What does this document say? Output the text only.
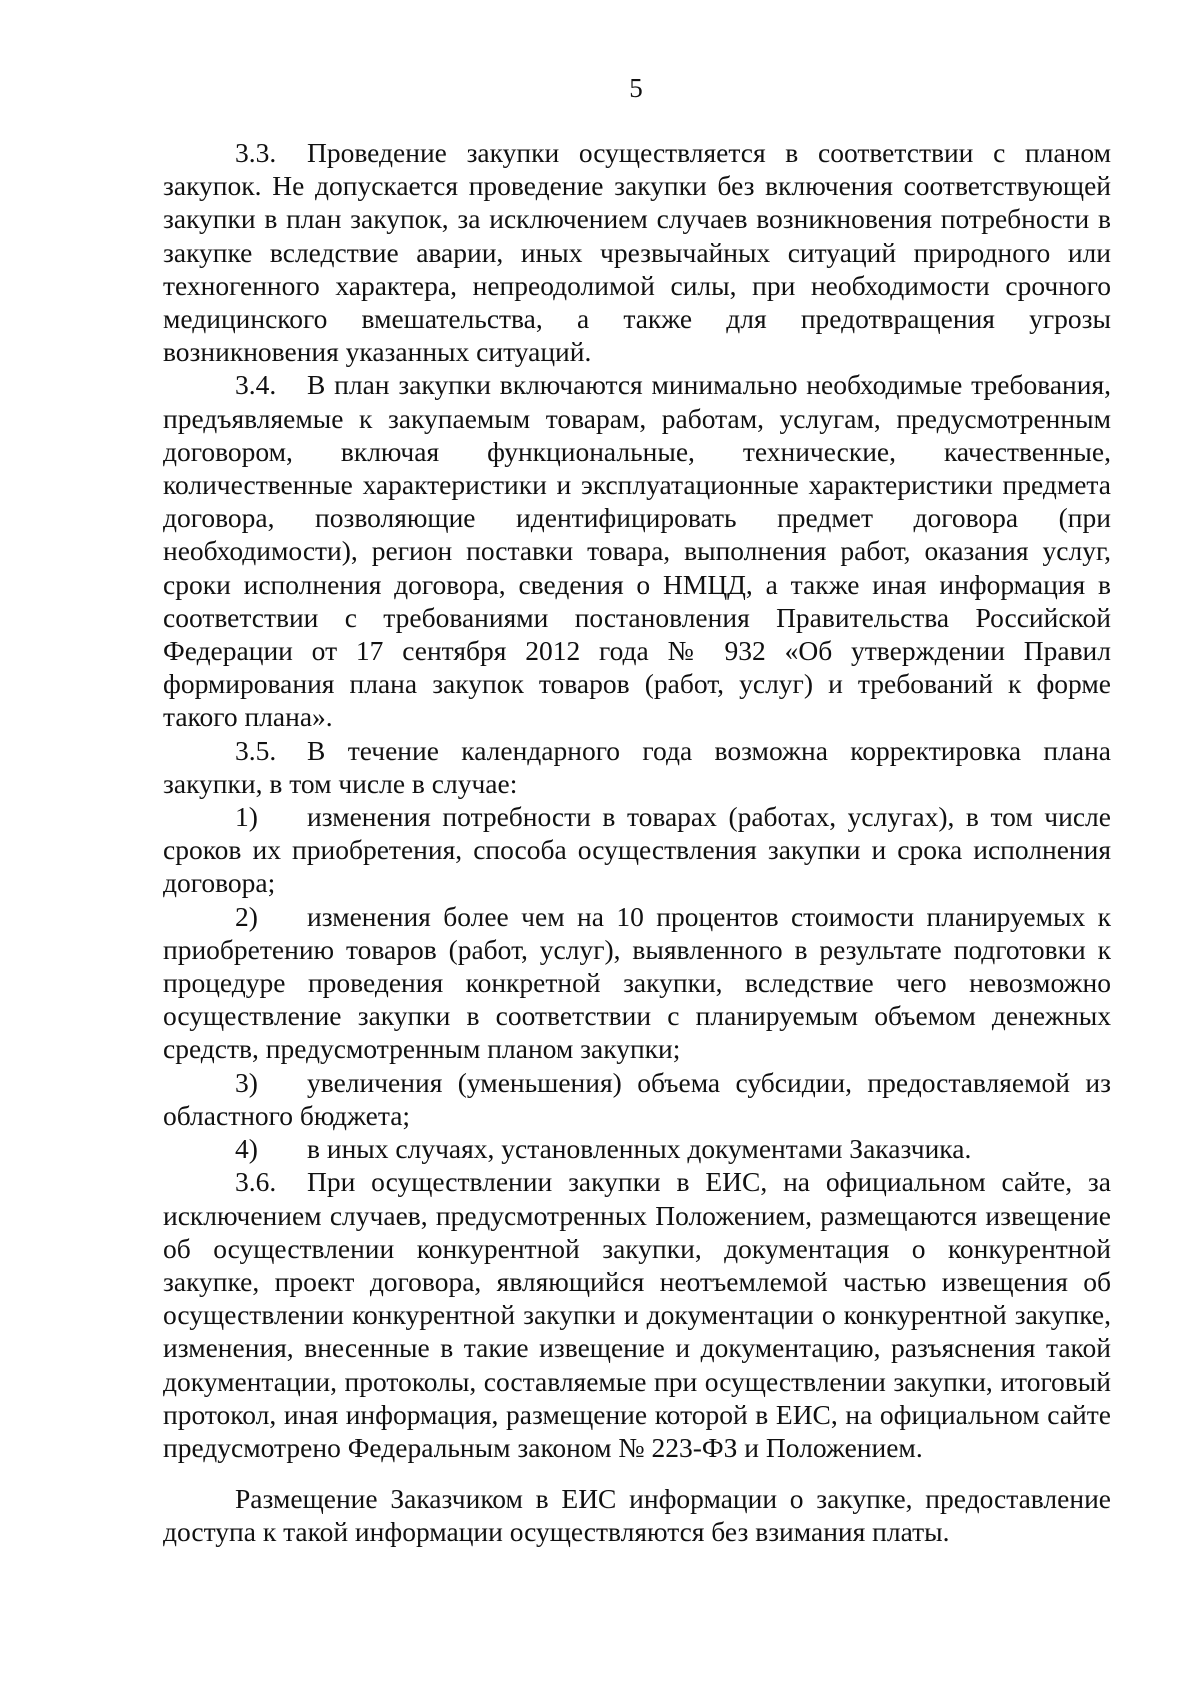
5

3.3. Проведение закупки осуществляется в соответствии с планом закупок. Не допускается проведение закупки без включения соответствующей закупки в план закупок, за исключением случаев возникновения потребности в закупке вследствие аварии, иных чрезвычайных ситуаций природного или техногенного характера, непреодолимой силы, при необходимости срочного медицинского вмешательства, а также для предотвращения угрозы возникновения указанных ситуаций.

3.4. В план закупки включаются минимально необходимые требования, предъявляемые к закупаемым товарам, работам, услугам, предусмотренным договором, включая функциональные, технические, качественные, количественные характеристики и эксплуатационные характеристики предмета договора, позволяющие идентифицировать предмет договора (при необходимости), регион поставки товара, выполнения работ, оказания услуг, сроки исполнения договора, сведения о НМЦД, а также иная информация в соответствии с требованиями постановления Правительства Российской Федерации от 17 сентября 2012 года № 932 «Об утверждении Правил формирования плана закупок товаров (работ, услуг) и требований к форме такого плана».

3.5. В течение календарного года возможна корректировка плана закупки, в том числе в случае:

1) изменения потребности в товарах (работах, услугах), в том числе сроков их приобретения, способа осуществления закупки и срока исполнения договора;

2) изменения более чем на 10 процентов стоимости планируемых к приобретению товаров (работ, услуг), выявленного в результате подготовки к процедуре проведения конкретной закупки, вследствие чего невозможно осуществление закупки в соответствии с планируемым объемом денежных средств, предусмотренным планом закупки;

3) увеличения (уменьшения) объема субсидии, предоставляемой из областного бюджета;

4) в иных случаях, установленных документами Заказчика.

3.6. При осуществлении закупки в ЕИС, на официальном сайте, за исключением случаев, предусмотренных Положением, размещаются извещение об осуществлении конкурентной закупки, документация о конкурентной закупке, проект договора, являющийся неотъемлемой частью извещения об осуществлении конкурентной закупки и документации о конкурентной закупке, изменения, внесенные в такие извещение и документацию, разъяснения такой документации, протоколы, составляемые при осуществлении закупки, итоговый протокол, иная информация, размещение которой в ЕИС, на официальном сайте предусмотрено Федеральным законом № 223-ФЗ и Положением.

Размещение Заказчиком в ЕИС информации о закупке, предоставление доступа к такой информации осуществляются без взимания платы.
